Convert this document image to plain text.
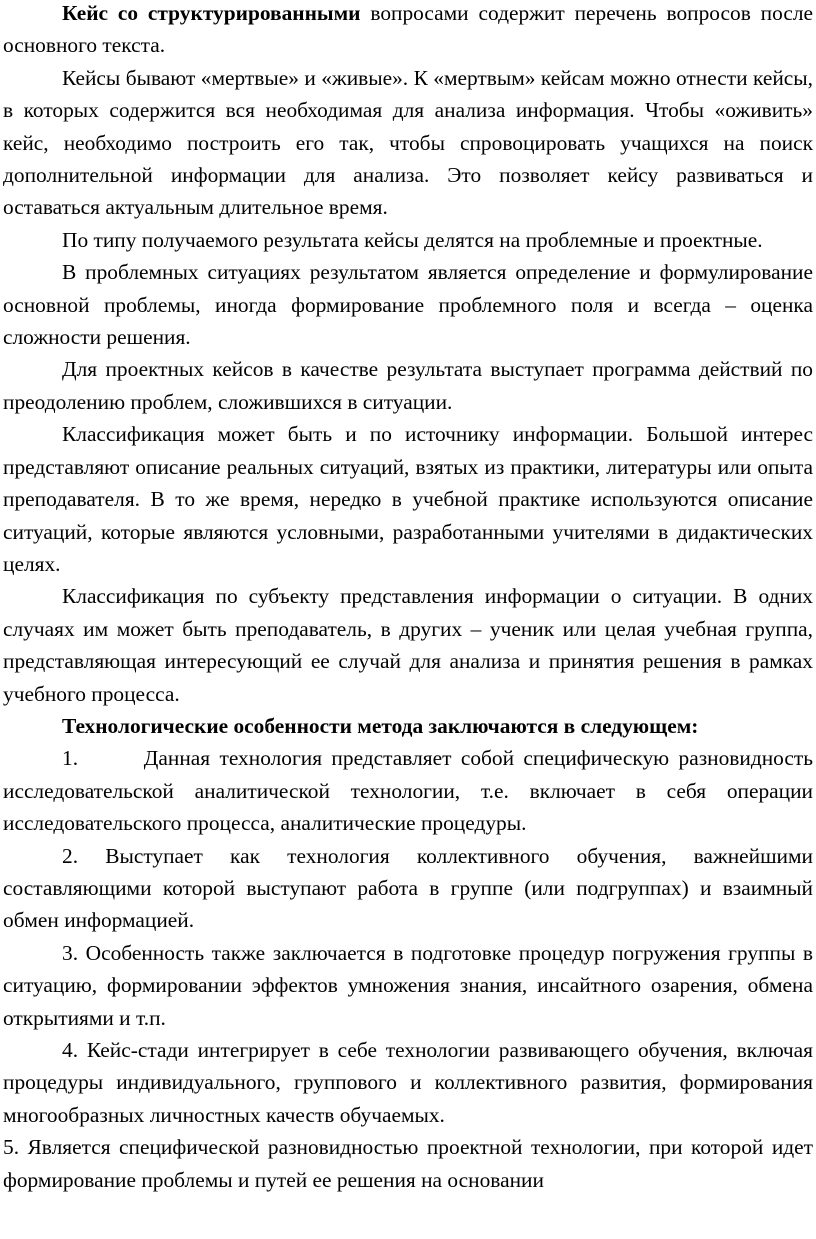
Кейс со структурированными вопросами содержит перечень вопросов после основного текста.

Кейсы бывают «мертвые» и «живые». К «мертвым» кейсам можно отнести кейсы, в которых содержится вся необходимая для анализа информация. Чтобы «оживить» кейс, необходимо построить его так, чтобы спровоцировать учащихся на поиск дополнительной информации для анализа. Это позволяет кейсу развиваться и оставаться актуальным длительное время.

По типу получаемого результата кейсы делятся на проблемные и проектные.

В проблемных ситуациях результатом является определение и формулирование основной проблемы, иногда формирование проблемного поля и всегда – оценка сложности решения.

Для проектных кейсов в качестве результата выступает программа действий по преодолению проблем, сложившихся в ситуации.

Классификация может быть и по источнику информации. Большой интерес представляют описание реальных ситуаций, взятых из практики, литературы или опыта преподавателя. В то же время, нередко в учебной практике используются описание ситуаций, которые являются условными, разработанными учителями в дидактических целях.

Классификация по субъекту представления информации о ситуации. В одних случаях им может быть преподаватель, в других – ученик или целая учебная группа, представляющая интересующий ее случай для анализа и принятия решения в рамках учебного процесса.

Технологические особенности метода заключаются в следующем:

1.       Данная технология представляет собой специфическую разновидность исследовательской аналитической технологии, т.е. включает в себя операции исследовательского процесса, аналитические процедуры.

2. Выступает как технология коллективного обучения, важнейшими составляющими которой выступают работа в группе (или подгруппах) и взаимный обмен информацией.

3. Особенность также заключается в подготовке процедур погружения группы в ситуацию, формировании эффектов умножения знания, инсайтного озарения, обмена открытиями и т.п.

4. Кейс-стади интегрирует в себе технологии развивающего обучения, включая процедуры индивидуального, группового и коллективного развития, формирования многообразных личностных качеств обучаемых.

5. Является специфической разновидностью проектной технологии, при которой идет формирование проблемы и путей ее решения на основании
